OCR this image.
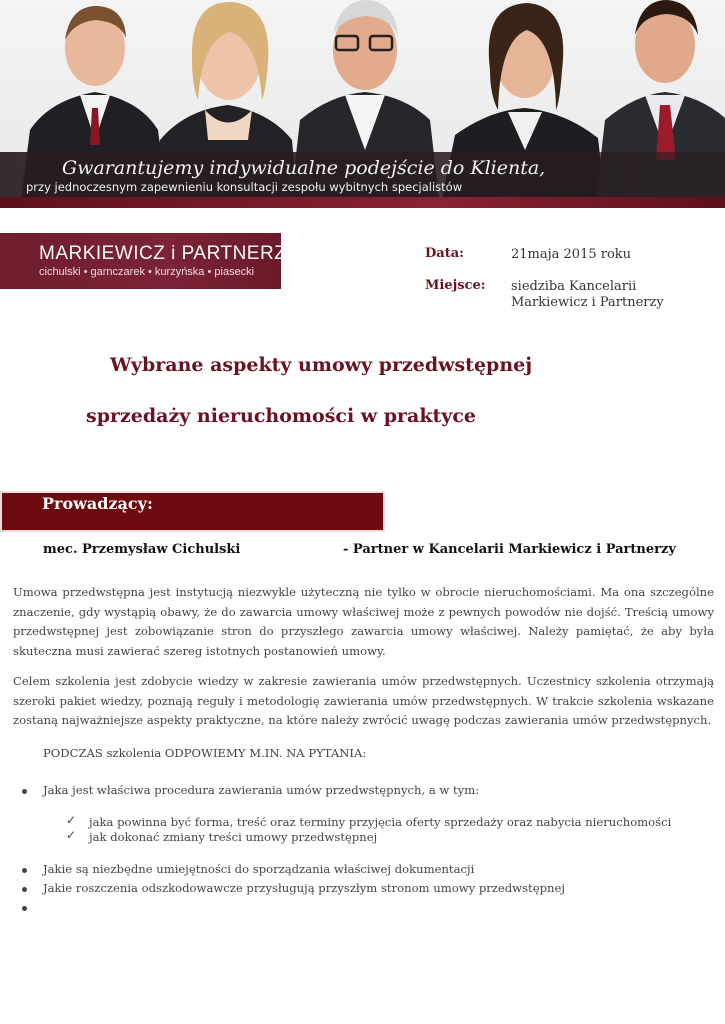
Gwarantujemy indywidualne podejście do Klienta,
przy jednoczesnym zapewnieniu konsultacji zespołu wybitnych specjalistów
MARKIEWICZ i PARTNERZY
cichulski • garnczarek • kurzyńska • piasecki
Data:	21maja 2015 roku
Miejsce: siedziba Kancelarii
Markiewicz i Partnerzy
Wybrane aspekty umowy przedwstępnej
sprzedaży nieruchomości w praktyce
Prowadzący:
mec. Przemysław Cichulski	- Partner w Kancelarii Markiewicz i Partnerzy
Umowa przedwstępna jest instytucją niezwykle użyteczną nie tylko w obrocie nieruchomościami. Ma ona szczególne znaczenie, gdy wystąpią obawy, że do zawarcia umowy właściwej może z pewnych powodów nie dojść. Treścią umowy przedwstępnej jest zobowiązanie stron do przyszłego zawarcia umowy właściwej. Należy pamiętać, że aby była skuteczna musi zawierać szereg istotnych postanowień umowy.
Celem szkolenia jest zdobycie wiedzy w zakresie zawierania umów przedwstępnych. Uczestnicy szkolenia otrzymają szeroki pakiet wiedzy, poznają reguły i metodologię zawierania umów przedwstępnych. W trakcie szkolenia wskazane zostaną najważniejsze aspekty praktyczne, na które należy zwrócić uwagę podczas zawierania umów przedwstępnych.
PODCZAS szkolenia ODPOWIEMY M.IN. NA PYTANIA:
Jaka jest właściwa procedura zawierania umów przedwstępnych, a w tym:
✓ jaka powinna być forma, treść oraz terminy przyjęcia oferty sprzedaży oraz nabycia nieruchomości
✓ jak dokonać zmiany treści umowy przedwstępnej
Jakie są niezbędne umiejętności do sporządzania właściwej dokumentacji
Jakie roszczenia odszkodowawcze przysługują przyszłym stronom umowy przedwstępnej
